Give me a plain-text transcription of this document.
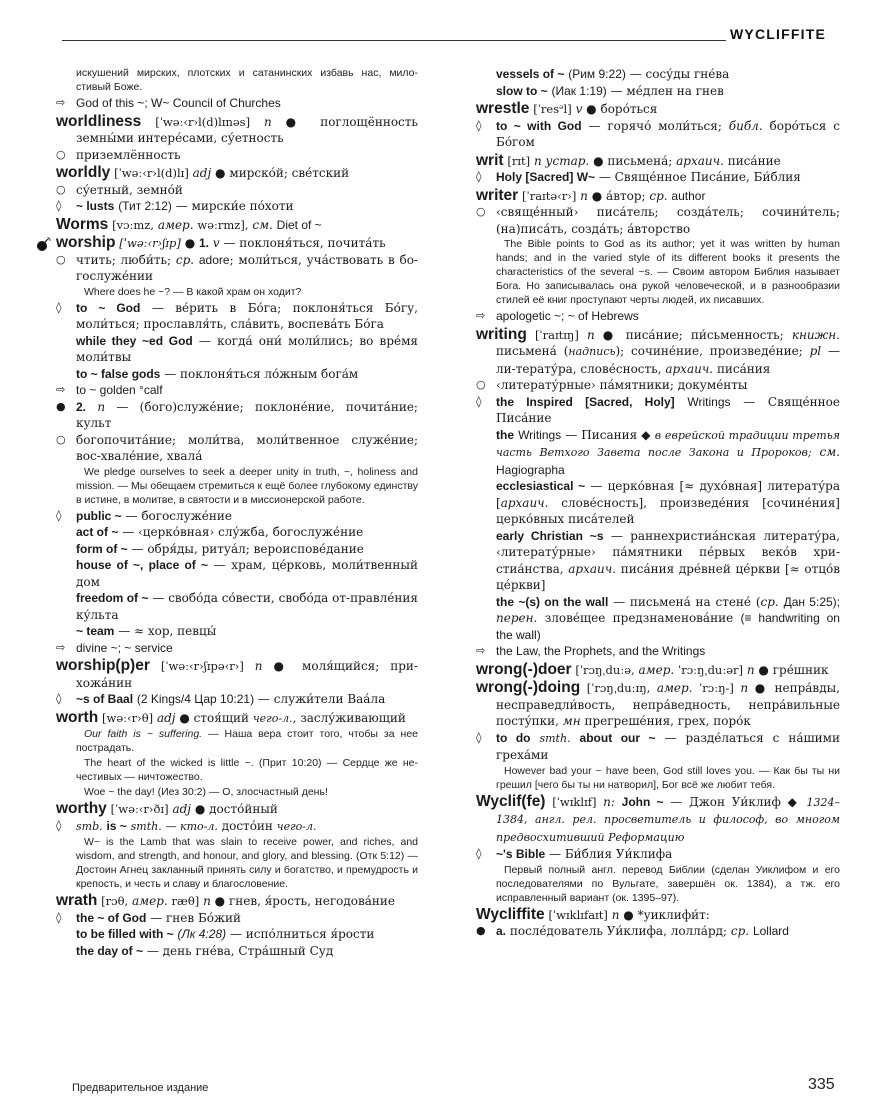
WYCLIFFITE
искушений мирских, плотских и сатанинских избавь нас, мило- стивый Боже.

⇨ God of this ~; W~ Council of Churches

worldliness [ˈwəː‹r›l(d)lɪnəs] n ● поглощённость земны́ми интере́сами, су́етность

○ приземлённость

worldly [ˈwəː‹r›l(d)lɪ] adj ● мирско́й; све́тский

○ су́етный, земно́й

◊	~ lusts (Тит 2:12) — мирски́е по́хоти

Worms [vɔːmz, амер. wəːrmz], см. Diet of ~

worship [ˈwəː‹r›ʃɪp] ● 1. v — поклоня́ться, почита́ть

○ чтить; люби́ть; ср. adore; моли́ться, уча́ствовать в бо-гослуже́нии

Where does he ~? — В какой храм он ходит?

◊	to ~ God — ве́рить в Бо́га; поклоня́ться Бо́гу, моли́ться; прославля́ть, сла́вить, воспева́ть Бо́га

while they ~ed God — когда́ они́ моли́лись; во вре́мя моли́твы

to ~ false gods — поклоня́ться ло́жным бога́м

⇨ to ~ golden °calf

● 2. n — (бого)служе́ние; поклоне́ние, почита́ние; культ

○ богопочита́ние; моли́тва, моли́твенное служе́ние; вос-хвале́ние, хвала́

We pledge ourselves to seek a deeper unity in truth, ~, holiness and mission. — Мы обещаем стремиться к ещё более глубокому единству в истине, в молитве, в святости и в миссионерской работе.

◊	public ~ — богослуже́ние

act of ~ — ‹церко́вная› слу́жба, богослуже́ние

form of ~ — обря́ды, ритуа́л; вероиспове́дание

house of ~, place of ~ — храм, це́рковь, моли́твенный дом

freedom of ~ — свобо́да со́вести, свобо́да от-правле́ния ку́льта

~ team — ≈ хор, певцы́

⇨ divine ~; ~ service

worship(p)er [ˈwəː‹r›ʃɪpə‹r›] n ● моля́щийся; при-хожа́нин

◊	~s of Baal (2 Kings/4 Цар 10:21) — служи́тели Ваа́ла

worth [wəː‹r›θ] adj ● стоя́щий чего-л., заслу́живающий

Our faith is ~ suffering. — Наша вера стоит того, чтобы за нее пострадать.
The heart of the wicked is little ~. (Прит 10:20) — Сердце же нечестивых — ничтожество.
Woe ~ the day! (Иез 30:2) — О, злосчастный день!

worthy [ˈwəː‹r›ðɪ] adj ● досто́йный

◊	smb. is ~ smth. — кто-л. досто́ин чего-л.

W~ is the Lamb that was slain to receive power, and riches, and wisdom, and strength, and honour, and glory, and blessing. (Отк 5:12) — Достоин Агнец закланный принять силу и богатство, и премудрость и крепость, и честь и славу и благословение.

wrath [rɔθ, амер. ræθ] n ● гнев, я́рость, негодова́ние

◊	the ~ of God — гнев Бо́жий

to be filled with ~ (Лк 4:28) — испо́лниться я́рости

the day of ~ — день гне́ва, Стра́шный Суд

vessels of ~ (Рим 9:22) — сосу́ды гне́ва

slow to ~ (Иак 1:19) — ме́длен на гнев

wrestle [ˈresᵊl] v ● боро́ться

◊	to ~ with God — горячо́ моли́ться; библ. боро́ться с Бо́гом

writ [rɪt] n устар. ● письмена́; архаич. писа́ние

◊	Holy [Sacred] W~ — Свяще́нное Писа́ние, Би́блия

writer [ˈraɪtə‹r›] n ● а́втор; ср. author

○ ‹свяще́нный› писа́тель; созда́тель; сочини́тель; (на)писа́ть, созда́ть; а́вторство

The Bible points to God as its author; yet it was written by human hands; and in the varied style of its different books it presents the characteristics of the several ~s. — Своим автором Библия называет Бога. Но записывалась она рукой человеческой, и в разнообразии стилей её книг проступают черты людей, их писавших.

⇨ apologetic ~; ~ of Hebrews

writing [ˈraɪtɪŋ] n ● писа́ние; пи́сьменность; книжн. письмена́ (надпись); сочине́ние, произведе́ние; pl — ли-терату́ра, слове́сность, архаич. писа́ния

○ ‹литерату́рные› па́мятники; докуме́нты

◊	the Inspired [Sacred, Holy] Writings — Свяще́нное Писа́ние

the Writings — Писания ◆ в еврейской традиции третья часть Ветхого Завета после Закона и Пророков; см. Hagiographa

ecclesiastical ~ — церко́вная [≈ духо́вная] литерату́ра [архаич. слове́сность], произведе́ния [сочине́ния] церко́вных писа́телей

early Christian ~s — раннехристиа́нская литерату́ра, ‹литерату́рные› па́мятники пе́рвых веко́в христиа́нства, архаич. писа́ния дре́вней це́ркви [≈ отцо́в це́ркви]

the ~(s) on the wall — письмена́ на стене́ (ср. Дан 5:25); перен. злове́щее предзнаменова́ние (≡ handwriting on the wall)

⇨ the Law, the Prophets, and the Writings

wrong(-)doer [ˈrɔŋˌduːə, амер. ˈrɔːŋˌduːər] n ● гре́шник

wrong(-)doing [ˈrɔŋˌduːɪŋ, амер. ˈrɔːŋ-] n ● непра́вды, несправедли́вость, непра́ведность, непра́вильные посту́пки, мн прегреше́ния, грех, поро́к

◊	to do smth. about our ~ — разде́латься с на́шими греха́ми

However bad your ~ have been, God still loves you. — Как бы ты ни грешил [чего бы ты ни натворил], Бог всё же любит тебя.

Wyclif(fe) [ˈwɪklɪf] n: John ~ — Джон Уи́клиф ◆ 1324–1384, англ. рел. просветитель и философ, во многом предвосхитивший Реформацию

◊	~'s Bible — Би́блия Уи́клифа

Первый полный англ. перевод Библии (сделан Уиклифом и его последователями по Вульгате, завершён ок. 1384), а тж. его исправленный вариант (ок. 1395–97).

Wycliffite [ˈwɪklɪfaɪt] n ● *уиклифи́т:

● a. после́дователь Уи́клифа, лолла́рд; ср. Lollard

Предварительное издание	335
